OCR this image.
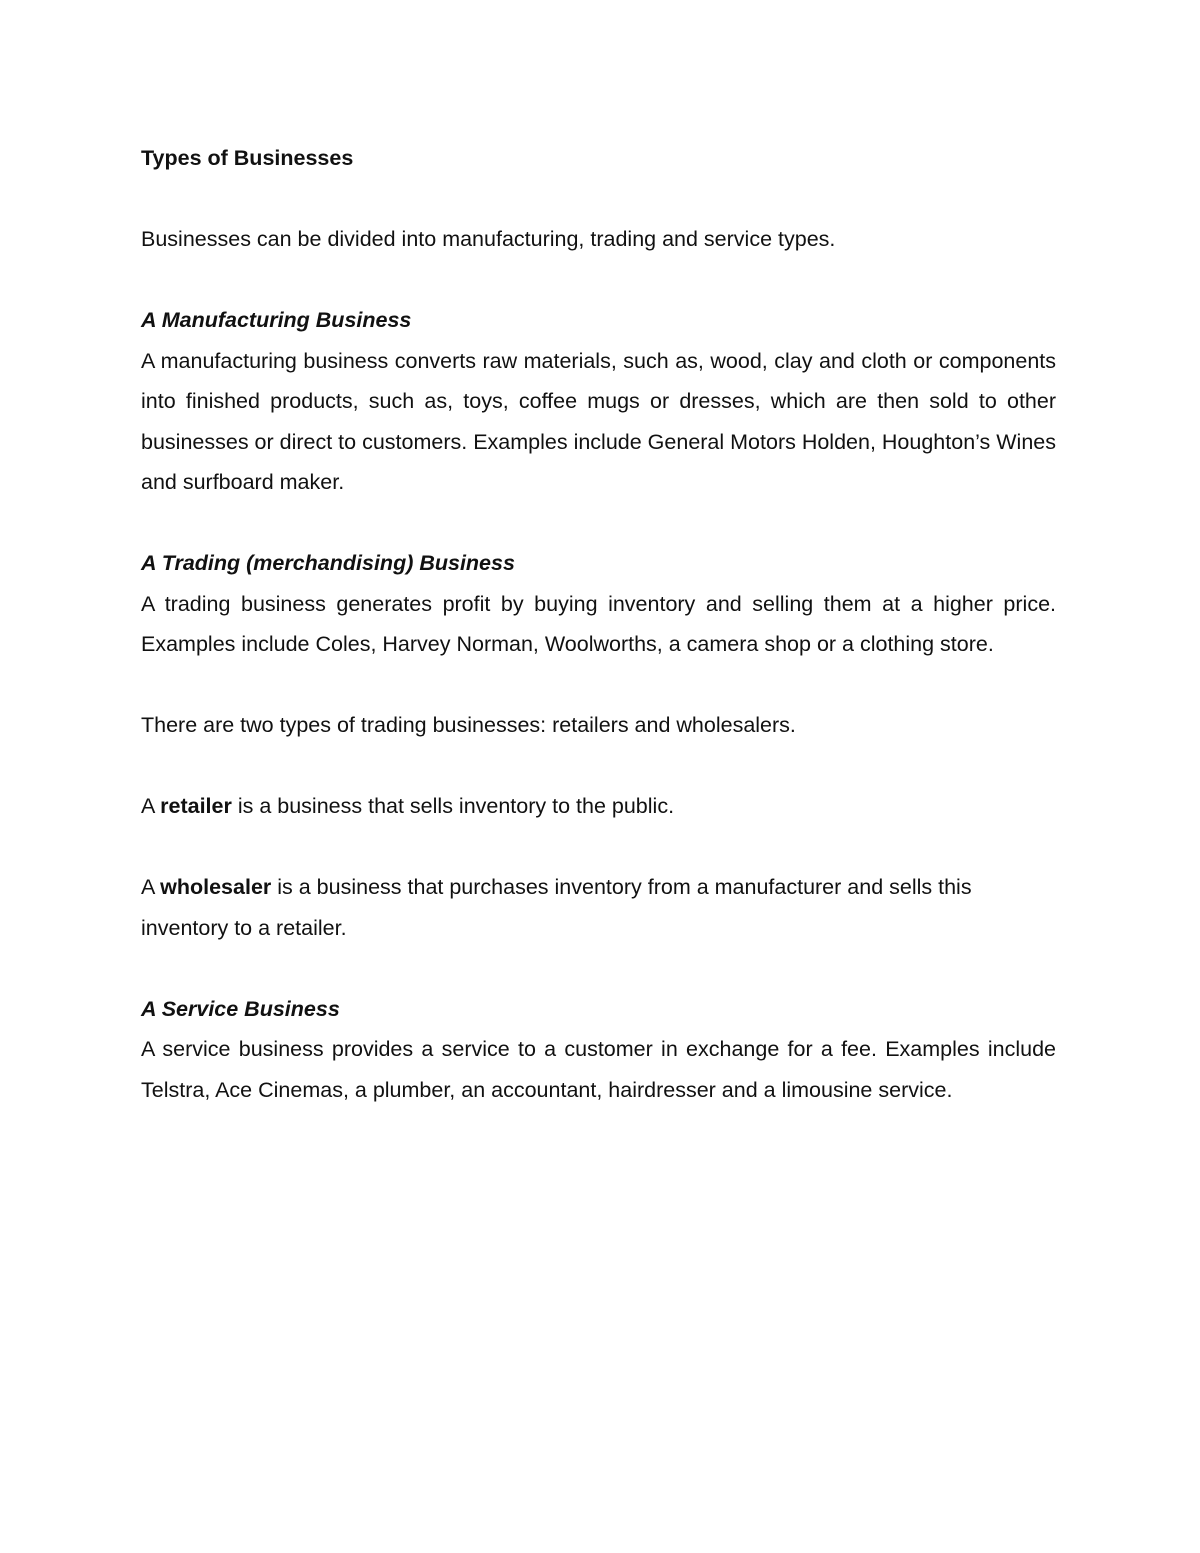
Types of Businesses

Businesses can be divided into manufacturing, trading and service types.

A Manufacturing Business

A manufacturing business converts raw materials, such as, wood, clay and cloth or components into finished products, such as, toys, coffee mugs or dresses, which are then sold to other businesses or direct to customers. Examples include General Motors Holden, Houghton’s Wines and surfboard maker.

A Trading (merchandising) Business

A trading business generates profit by buying inventory and selling them at a higher price. Examples include Coles, Harvey Norman, Woolworths, a camera shop or a clothing store.

There are two types of trading businesses: retailers and wholesalers.

A retailer is a business that sells inventory to the public.

A wholesaler is a business that purchases inventory from a manufacturer and sells this inventory to a retailer.

A Service Business

A service business provides a service to a customer in exchange for a fee. Examples include Telstra, Ace Cinemas, a plumber, an accountant, hairdresser and a limousine service.
